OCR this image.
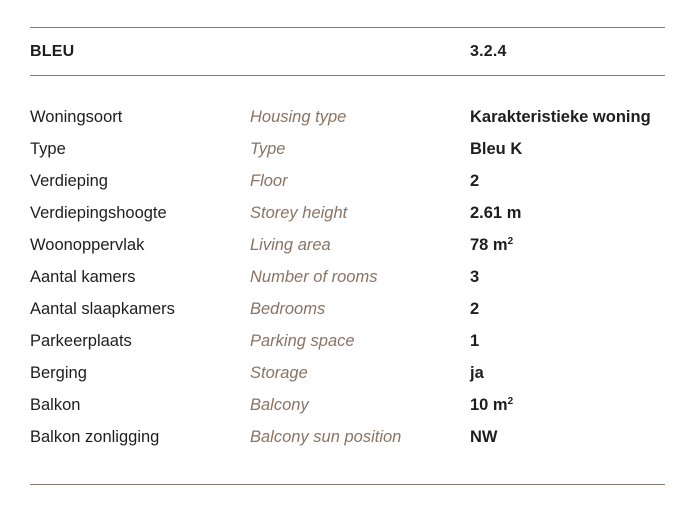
BLEU	3.2.4
Woningsoort	Housing type	Karakteristieke woning
Type	Type	Bleu K
Verdieping	Floor	2
Verdiepingshoogte	Storey height	2.61 m
Woonoppervlak	Living area	78 $m^2$
Aantal kamers	Number of rooms	3
Aantal slaapkamers	Bedrooms	2
Parkeerplaats	Parking space	1
Berging	Storage	ja
Balkon	Balcony	10 $m^2$
Balkon zonligging	Balcony sun position	NW
